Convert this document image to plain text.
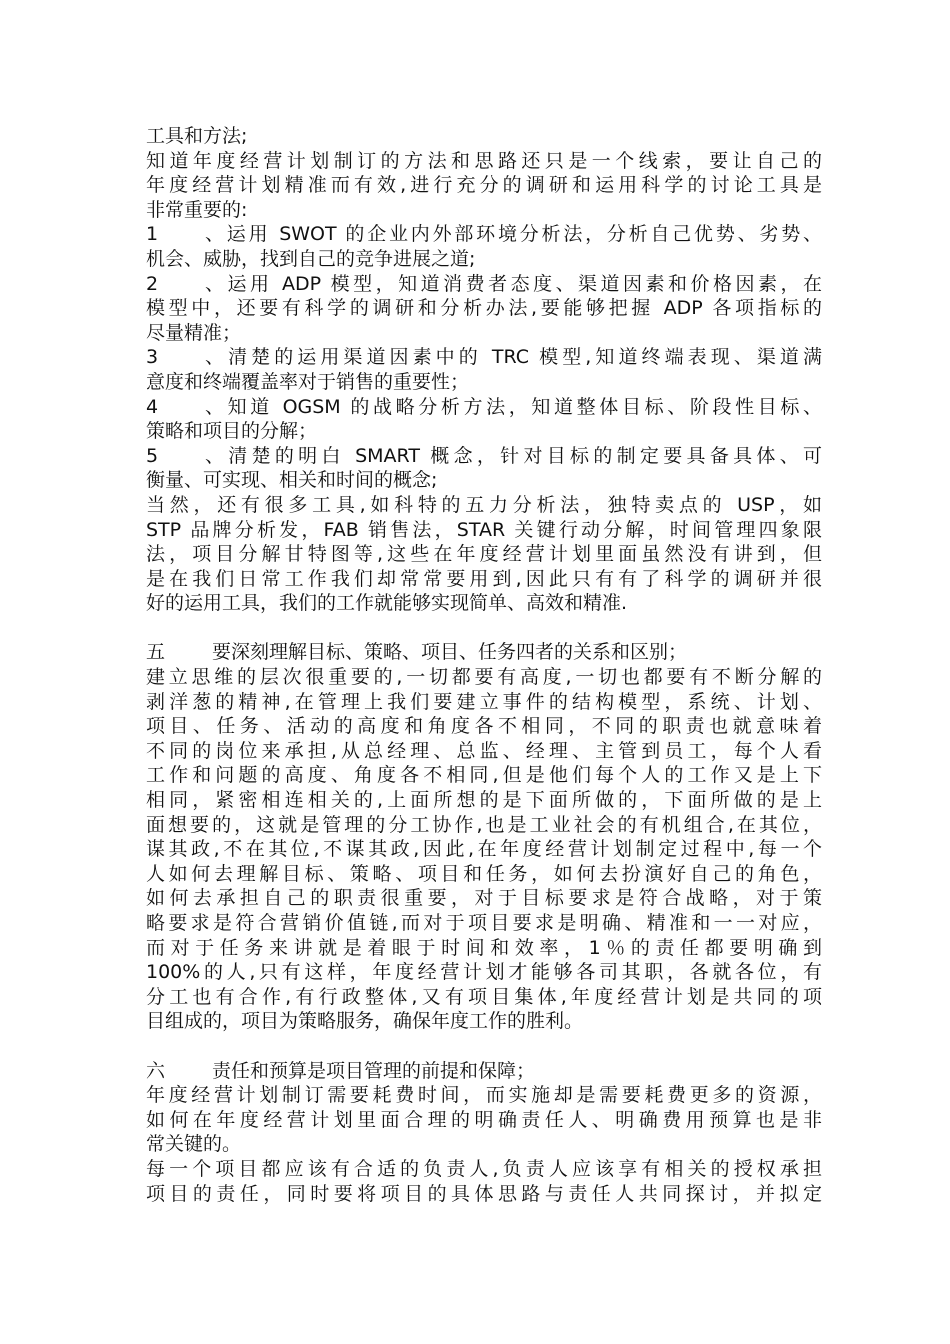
工具和方法;
知道年度经营计划制订的方法和思路还只是一个线索，要让自己的
年度经营计划精准而有效,进行充分的调研和运用科学的讨论工具是
非常重要的:
1、运用 SWOT 的企业内外部环境分析法，分析自己优势、劣势、
机会、威胁，找到自己的竞争进展之道;
2、运用 ADP 模型，知道消费者态度、渠道因素和价格因素，在
模型中，还要有科学的调研和分析办法,要能够把握 ADP 各项指标的
尽量精准；
3、清楚的运用渠道因素中的 TRC 模型,知道终端表现、渠道满
意度和终端覆盖率对于销售的重要性；
4、知道 OGSM 的战略分析方法，知道整体目标、阶段性目标、
策略和项目的分解；
5、清楚的明白 SMART 概念，针对目标的制定要具备具体、可
衡量、可实现、相关和时间的概念;
当然，还有很多工具,如科特的五力分析法，独特卖点的 USP，如
STP 品牌分析发，FAB 销售法，STAR 关键行动分解，时间管理四象限
法，项目分解甘特图等,这些在年度经营计划里面虽然没有讲到，但
是在我们日常工作我们却常常要用到,因此只有有了科学的调研并很
好的运用工具，我们的工作就能够实现简单、高效和精准.
五 要深刻理解目标、策略、项目、任务四者的关系和区别；
建立思维的层次很重要的,一切都要有高度,一切也都要有不断分解的
剥洋葱的精神,在管理上我们要建立事件的结构模型，系统、计划、
项目、任务、活动的高度和角度各不相同，不同的职责也就意味着
不同的岗位来承担,从总经理、总监、经理、主管到员工，每个人看
工作和问题的高度、角度各不相同,但是他们每个人的工作又是上下
相同，紧密相连相关的,上面所想的是下面所做的，下面所做的是上
面想要的，这就是管理的分工协作,也是工业社会的有机组合,在其位，
谋其政,不在其位,不谋其政,因此,在年度经营计划制定过程中,每一个
人如何去理解目标、策略、项目和任务，如何去扮演好自己的角色，
如何去承担自己的职责很重要，对于目标要求是符合战略，对于策
略要求是符合营销价值链,而对于项目要求是明确、精准和一一对应，
而对于任务来讲就是着眼于时间和效率，1％的责任都要明确到
100%的人,只有这样，年度经营计划才能够各司其职，各就各位，有
分工也有合作,有行政整体,又有项目集体,年度经营计划是共同的项
目组成的，项目为策略服务，确保年度工作的胜利。
六 责任和预算是项目管理的前提和保障；
年度经营计划制订需要耗费时间，而实施却是需要耗费更多的资源，
如何在年度经营计划里面合理的明确责任人、明确费用预算也是非
常关键的。
每一个项目都应该有合适的负责人,负责人应该享有相关的授权承担
项目的责任，同时要将项目的具体思路与责任人共同探讨，并拟定
